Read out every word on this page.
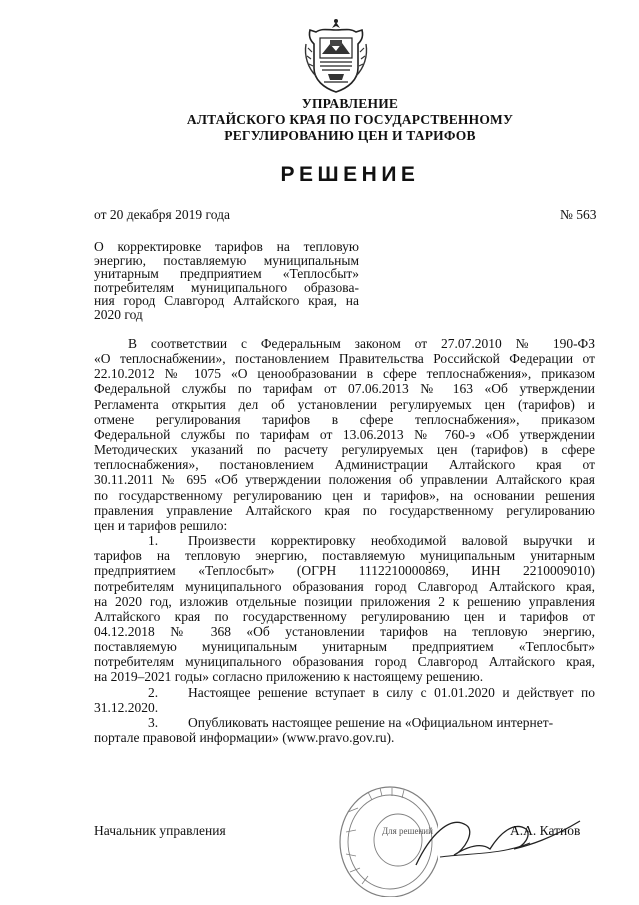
УПРАВЛЕНИЕ
АЛТАЙСКОГО КРАЯ ПО ГОСУДАРСТВЕННОМУ
РЕГУЛИРОВАНИЮ ЦЕН И ТАРИФОВ
РЕШЕНИЕ
от 20 декабря 2019 года	№ 563
О корректировке тарифов на тепловую
энергию, поставляемую муниципальным
унитарным предприятием «Теплосбыт»
потребителям муниципального образова-
ния город Славгород Алтайского края, на
2020 год
В соответствии с Федеральным законом от 27.07.2010 № 190-ФЗ
«О теплоснабжении», постановлением Правительства Российской Федерации от
22.10.2012 № 1075 «О ценообразовании в сфере теплоснабжения», приказом
Федеральной службы по тарифам от 07.06.2013 № 163 «Об утверждении
Регламента открытия дел об установлении регулируемых цен (тарифов) и
отмене регулирования тарифов в сфере теплоснабжения», приказом
Федеральной службы по тарифам от 13.06.2013 № 760-э «Об утверждении
Методических указаний по расчету регулируемых цен (тарифов) в сфере
теплоснабжения», постановлением Администрации Алтайского края от
30.11.2011 № 695 «Об утверждении положения об управлении Алтайского края
по государственному регулированию цен и тарифов», на основании решения
правления управление Алтайского края по государственному регулированию
цен и тарифов решило:
1. Произвести корректировку необходимой валовой выручки и
тарифов на тепловую энергию, поставляемую муниципальным унитарным
предприятием «Теплосбыт» (ОГРН 1112210000869, ИНН 2210009010)
потребителям муниципального образования город Славгород Алтайского края,
на 2020 год, изложив отдельные позиции приложения 2 к решению управления
Алтайского края по государственному регулированию цен и тарифов от
04.12.2018 № 368 «Об установлении тарифов на тепловую энергию,
поставляемую муниципальным унитарным предприятием «Теплосбыт»
потребителям муниципального образования город Славгород Алтайского края,
на 2019–2021 годы» согласно приложению к настоящему решению.
2. Настоящее решение вступает в силу с 01.01.2020 и действует по
31.12.2020.
3. Опубликовать настоящее решение на «Официальном интернет-
портале правовой информации» (www.pravo.gov.ru).
Для решений
Начальник управления	А.А. Катнов
